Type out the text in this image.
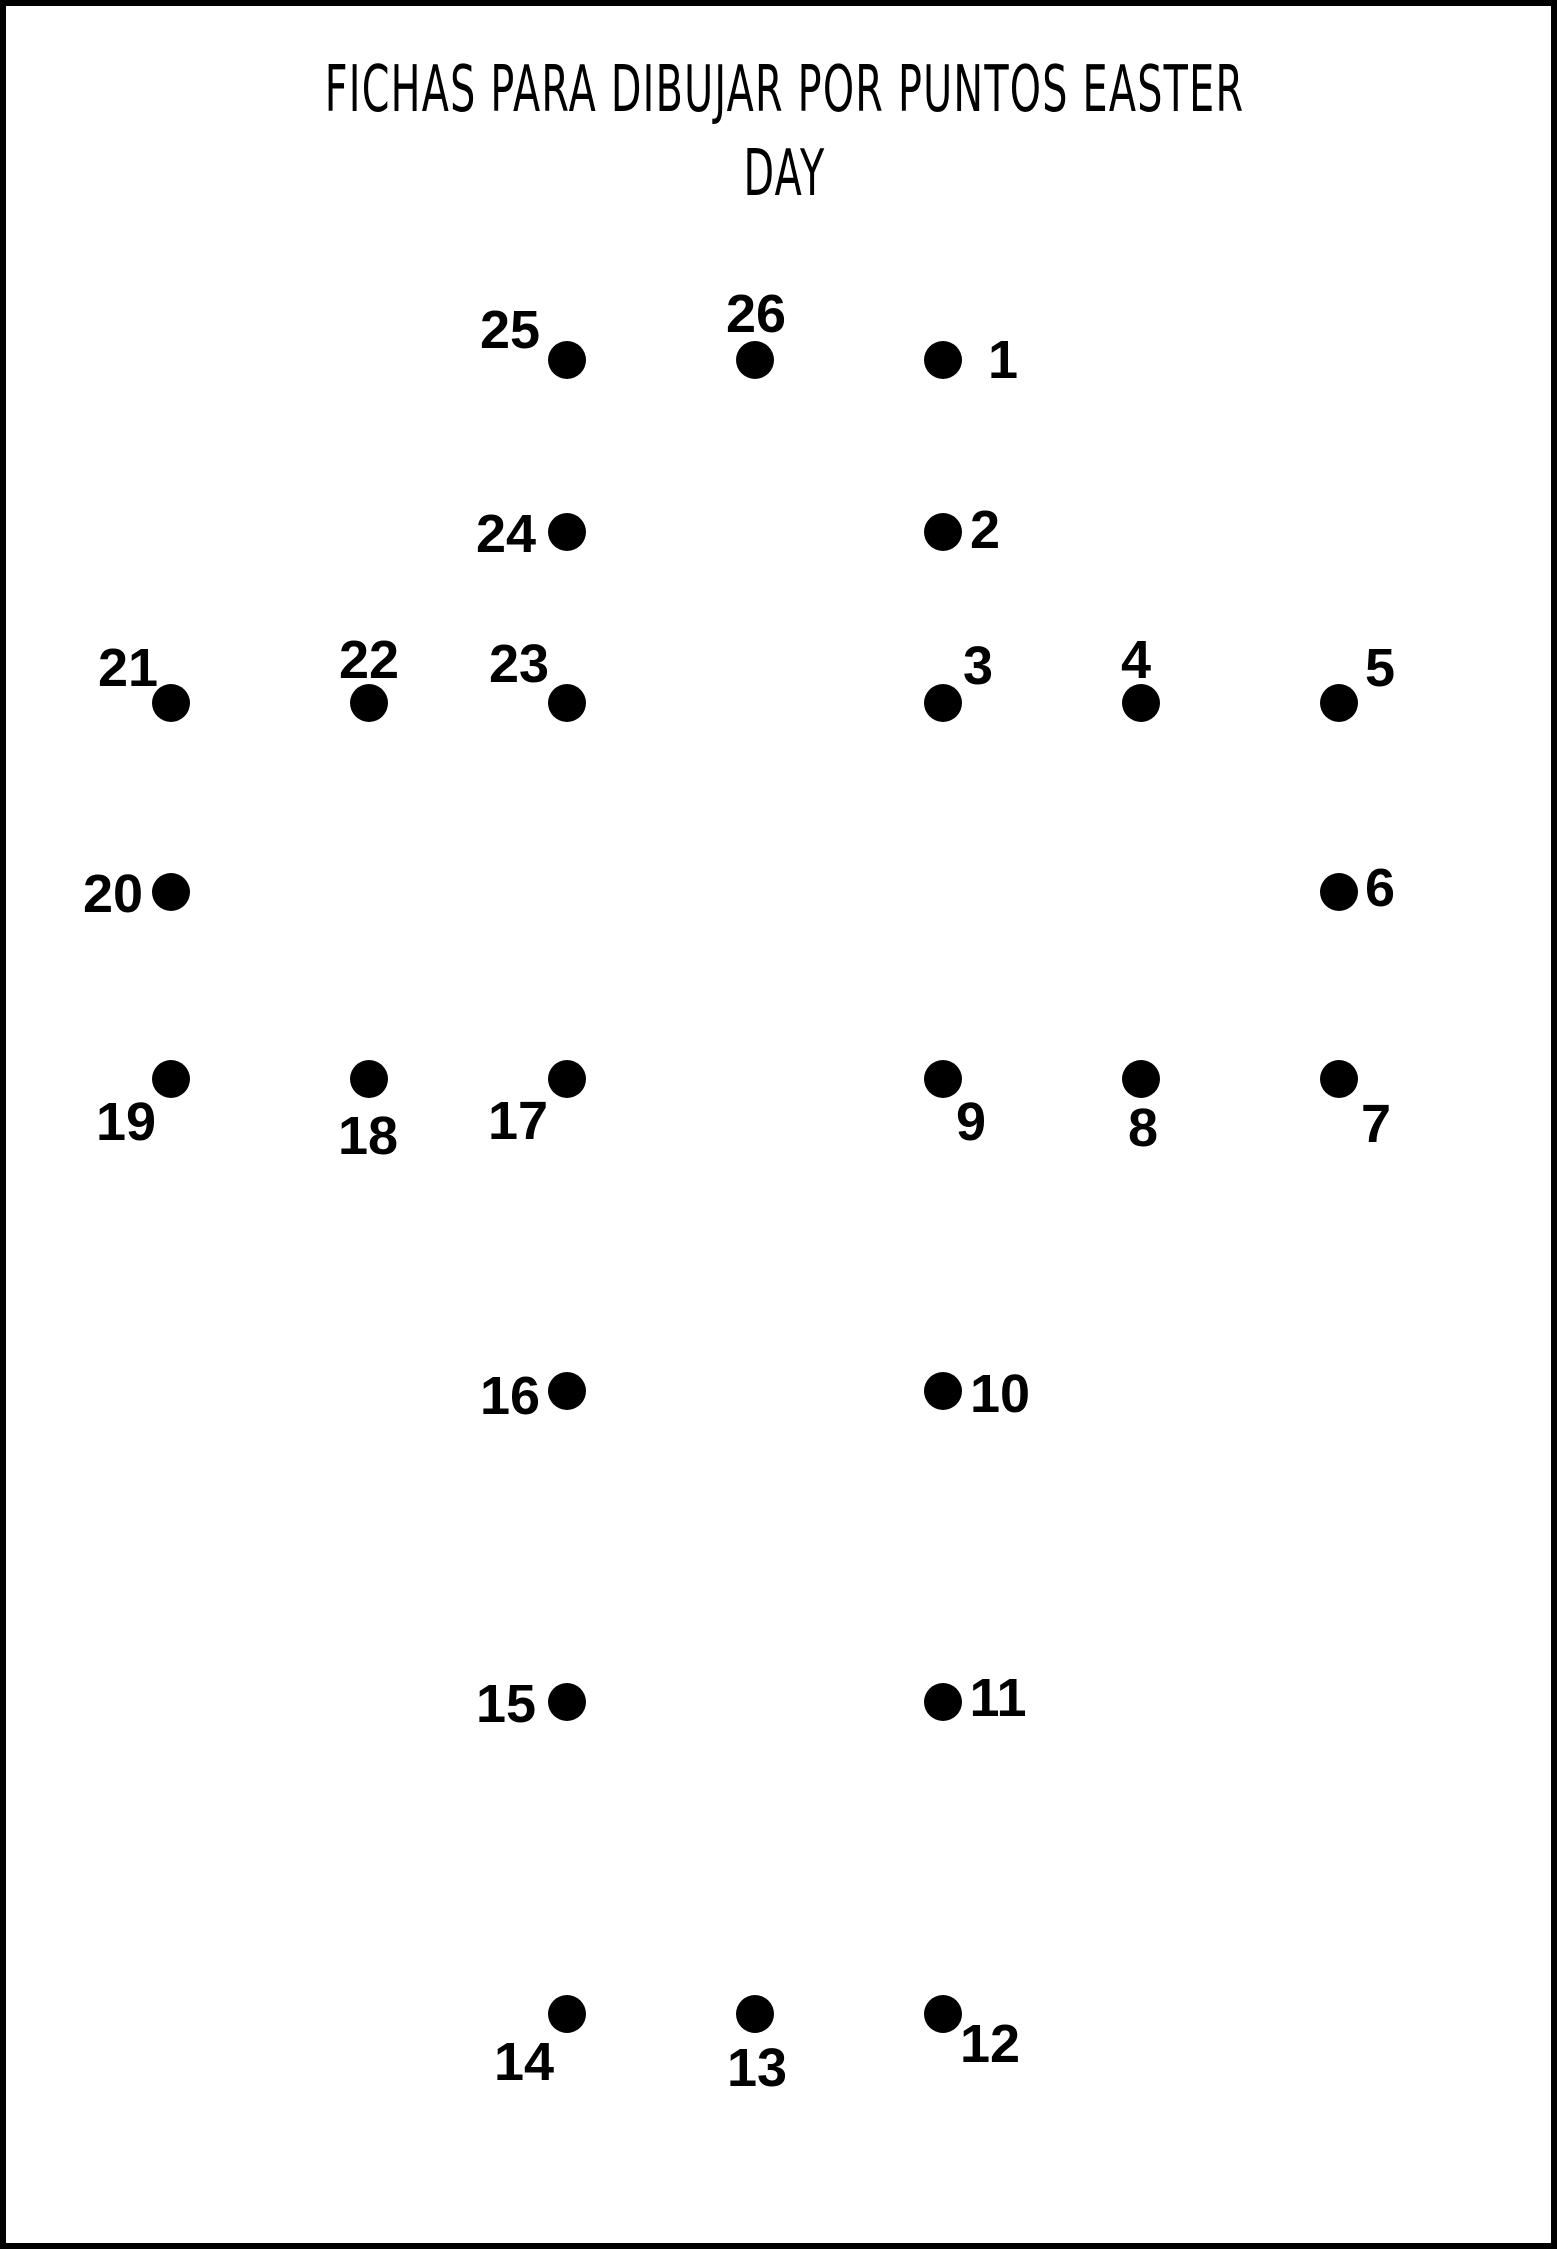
FICHAS PARA DIBUJAR POR PUNTOS EASTER DAY
1
2
3 4	5
6
7
8
9
10
11
12
13
14
15
16
17
18
19
20
21	22 23
24
25	26
